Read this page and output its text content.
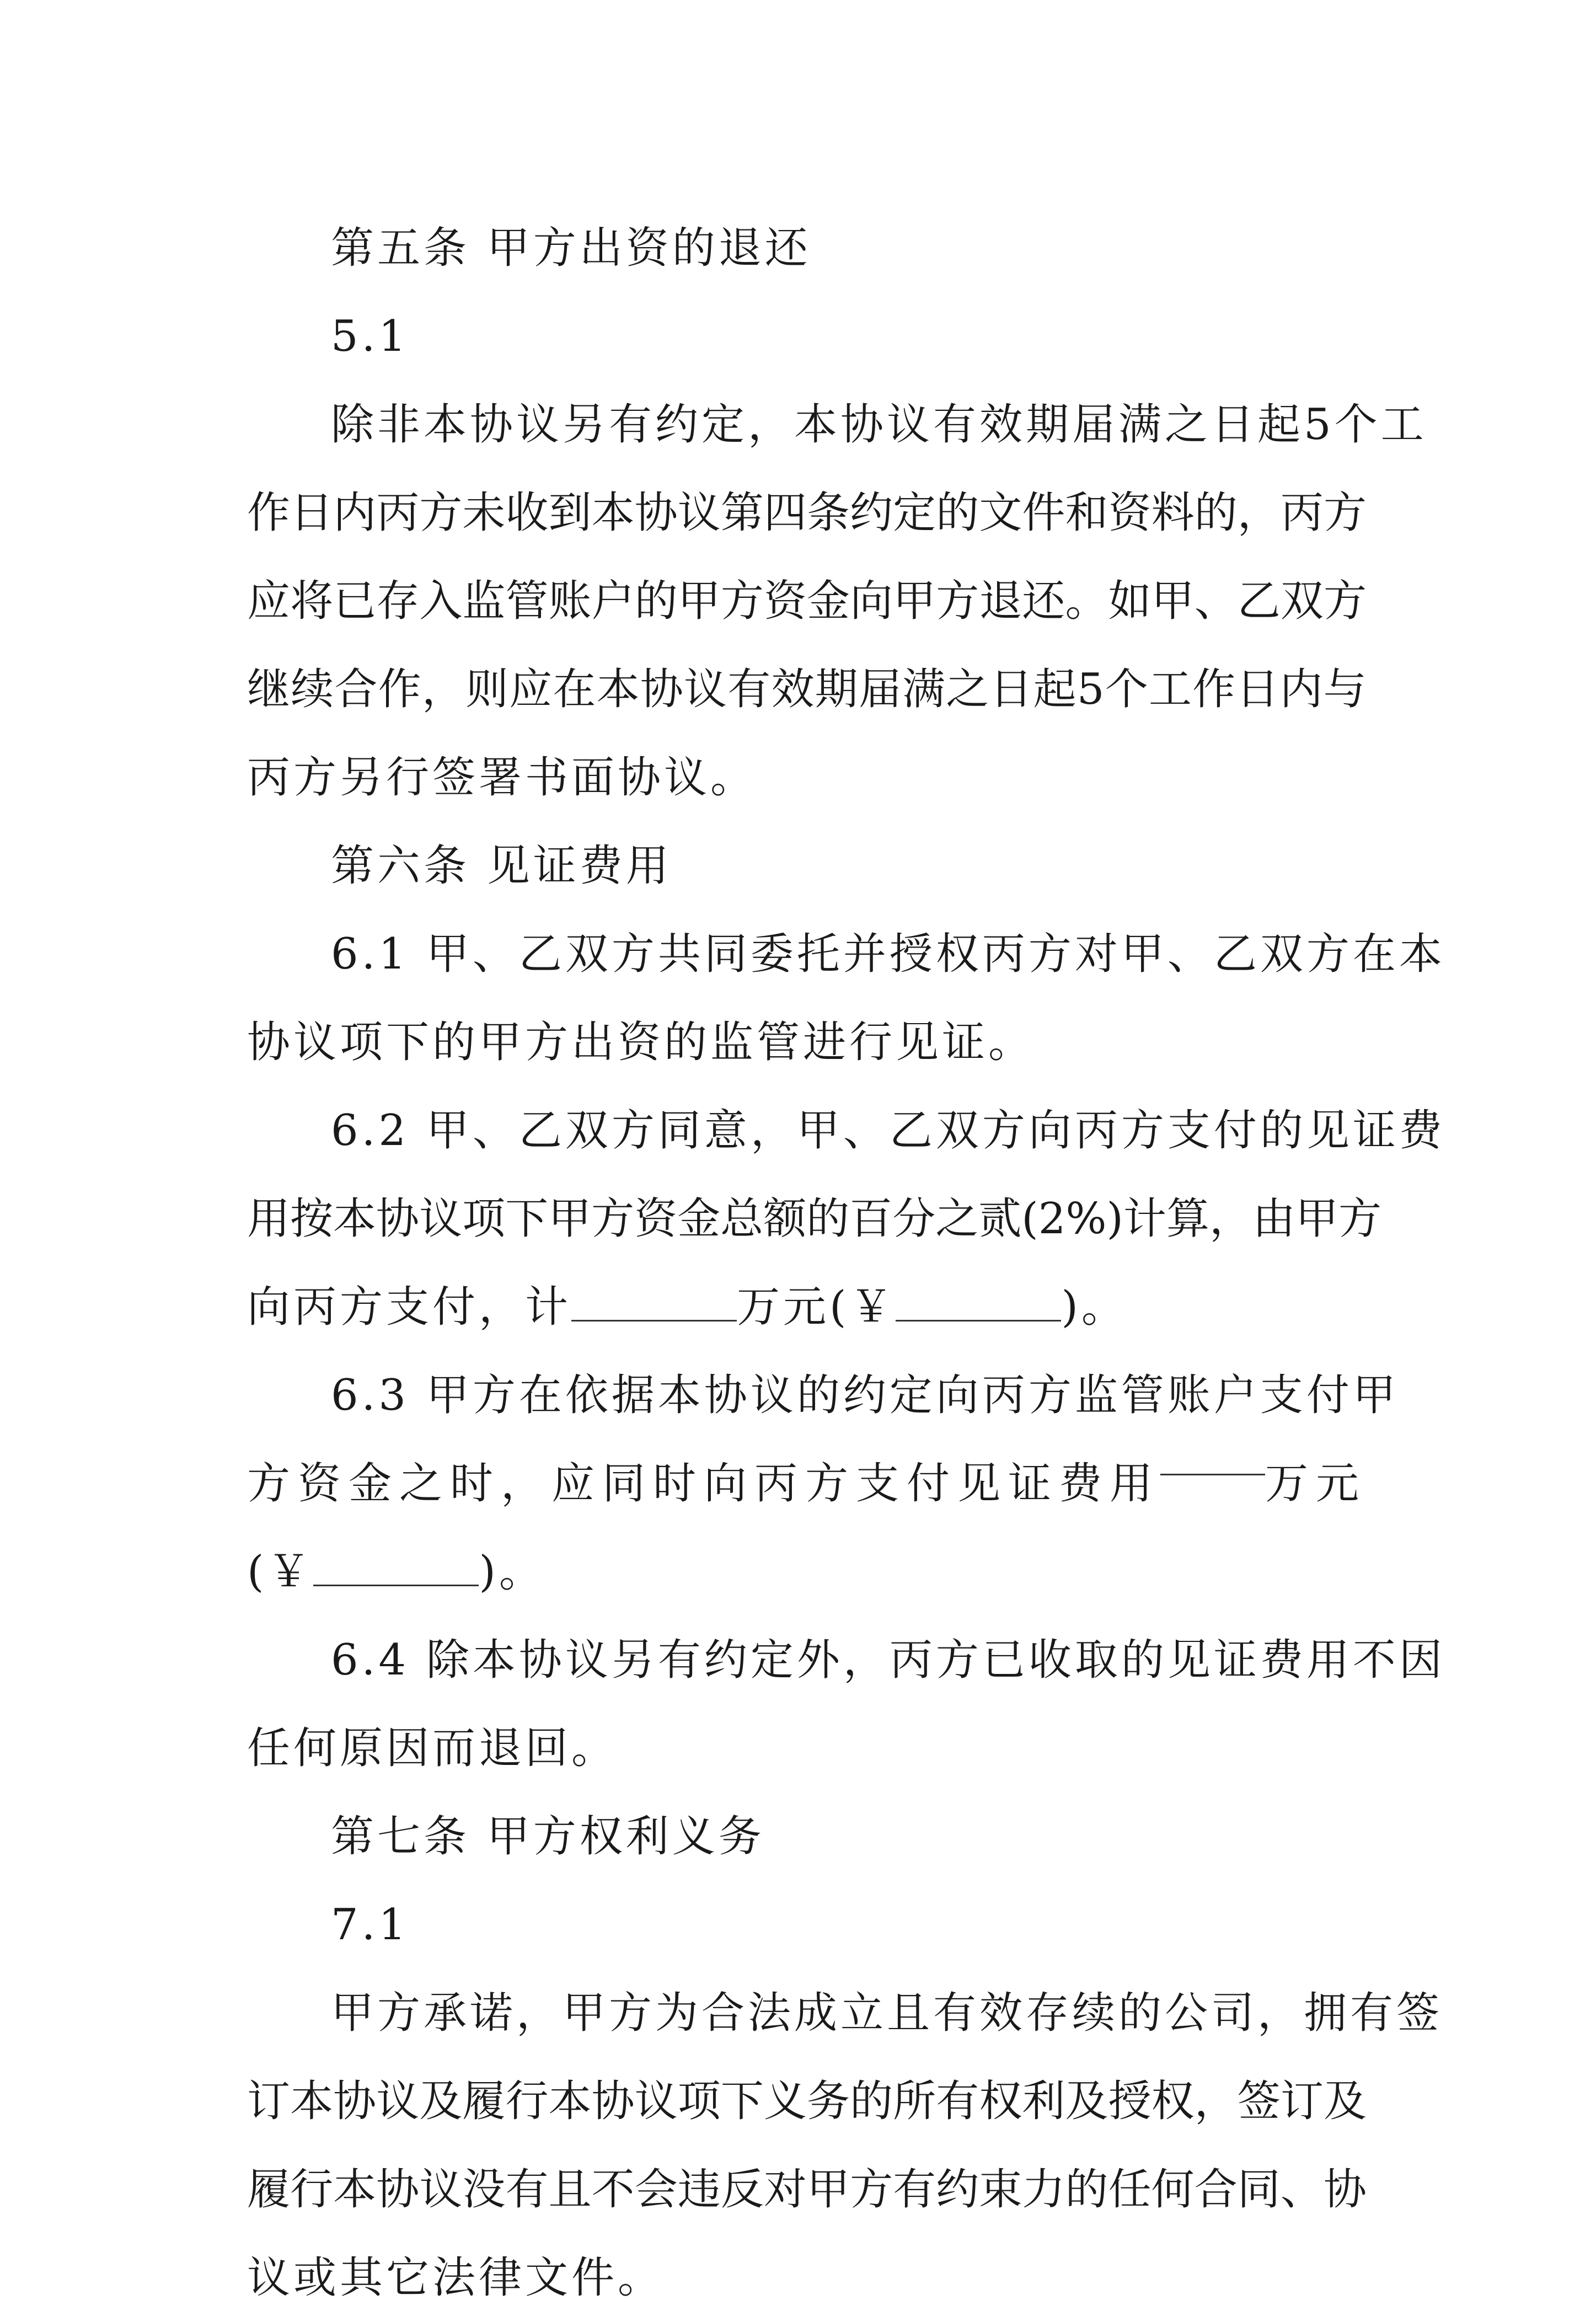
第五条 甲方出资的退还
5.1
除非本协议另有约定，本协议有效期届满之日起5个工
作 日 内 丙 方 未 收 到 本 协 议 第 四 条 约 定 的 文 件 和 资 料 的 ， 丙 方
应 将 已 存 入 监 管 账 户 的 甲 方 资 金 向 甲 方 退 还 。 如 甲 、 乙 双 方
继 续 合 作 ， 则 应 在 本 协 议 有 效 期 届 满 之 日 起 5 个 工 作 日 内 与
丙方另行签署书面协议。
第六条 见证费用
6.1 甲、乙双方共同委托并授权丙方对甲、乙双方在本
协议项下的甲方出资的监管进行见证。
6.2 甲、乙双方同意，甲、乙双方向丙方支付的见证费
用 按 本 协 议 项 下 甲 方 资 金 总 额 的 百 分 之 贰 ( 2 % ) 计 算 ， 由 甲 方
向丙方支付，计	万元(￥	)。
6.3 甲方在依据本协议的约定向丙方监管账户支付甲
方资金之时，应同时向丙方支付见证费用 万元
(￥	)。
6.4 除本协议另有约定外，丙方已收取的见证费用不因
任何原因而退回。
第七条 甲方权利义务
7.1
甲方承诺，甲方为合法成立且有效存续的公司，拥有签
订 本 协 议 及 履 行 本 协 议 项 下 义 务 的 所 有 权 利 及 授 权 ， 签 订 及
履 行 本 协 议 没 有 且 不 会 违 反 对 甲 方 有 约 束 力 的 任 何 合 同 、 协
议或其它法律文件。
